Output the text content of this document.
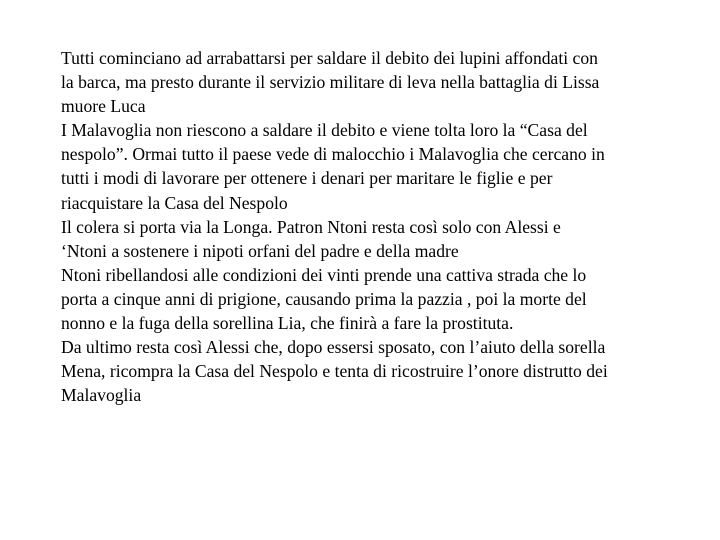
Tutti cominciano ad arrabattarsi per saldare il debito dei lupini affondati con
la barca, ma presto durante il servizio militare di leva nella battaglia di Lissa
muore Luca

I Malavoglia non riescono a saldare il debito e viene tolta loro la “Casa del
nespolo”. Ormai tutto il paese vede di malocchio i Malavoglia che cercano in
tutti i modi di lavorare per ottenere i denari per maritare le figlie e per
riacquistare la Casa del Nespolo

Il colera si porta via la Longa. Patron Ntoni resta così solo con Alessi e
‘Ntoni a sostenere i nipoti orfani del padre e della madre

Ntoni ribellandosi alle condizioni dei vinti prende una cattiva strada che lo
porta a cinque anni di prigione, causando prima la pazzia , poi la morte del
nonno e la fuga della sorellina Lia, che finirà a fare la prostituta.

Da ultimo resta così Alessi che, dopo essersi sposato, con l’aiuto della sorella
Mena, ricompra la Casa del Nespolo e tenta di ricostruire l’onore distrutto dei
Malavoglia
